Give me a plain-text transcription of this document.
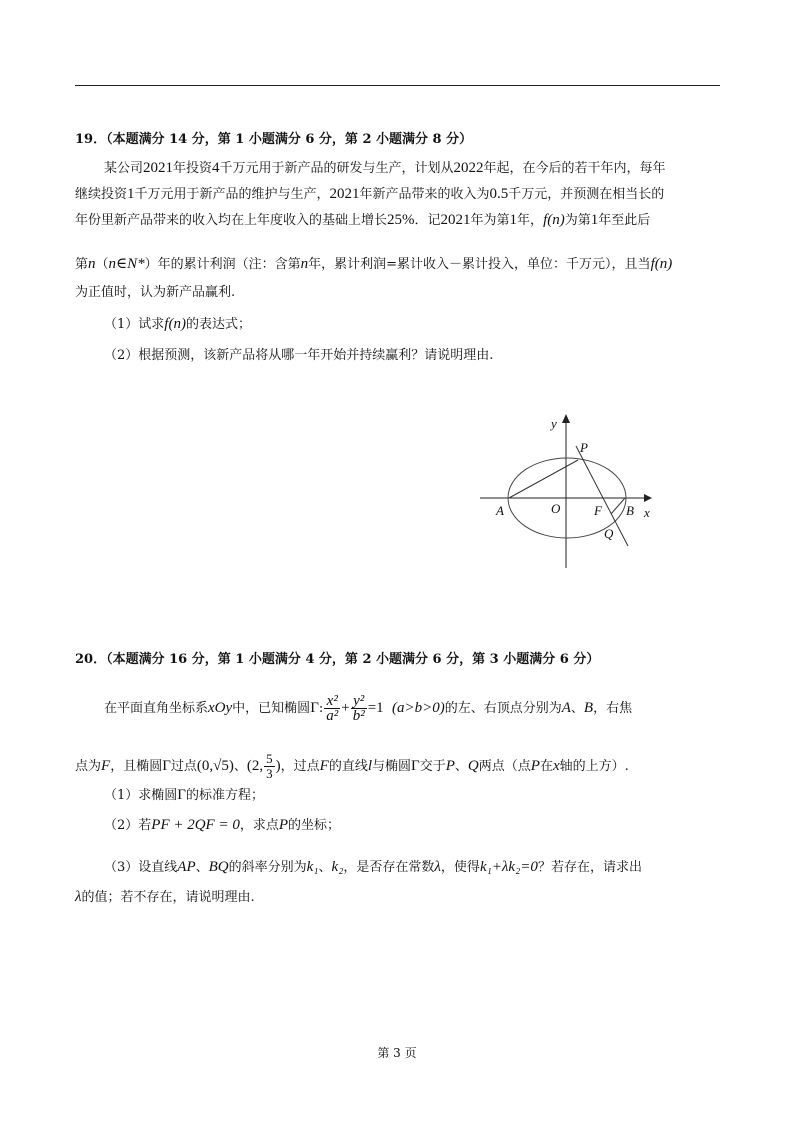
19．（本题满分 14 分，第 1 小题满分 6 分，第 2 小题满分 8 分）
某公司2021年投资4千万元用于新产品的研发与生产，计划从2022年起，在今后的若干年内，每年
继续投资1千万元用于新产品的维护与生产，2021年新产品带来的收入为0.5千万元，并预测在相当长的
年份里新产品带来的收入均在上年度收入的基础上增长25%．记2021年为第1年，f(n)为第1年至此后
第n（n∈N*）年的累计利润（注：含第n年，累计利润=累计收入－累计投入，单位：千万元），且当f(n)
为正值时，认为新产品赢利.
（1）试求f(n)的表达式；
（2）根据预测，该新产品将从哪一年开始并持续赢利？请说明理由.
y
x
P
A	O	F B
Q
20．（本题满分 16 分，第 1 小题满分 4 分，第 2 小题满分 6 分，第 3 小题满分 6 分）
在平面直角坐标系xOy中，已知椭圆Γ: $\frac{\text{x²}}{\text{a²}} + \frac{\text{y²}}{\text{b²}} =1$ (a>b>0)的左、右顶点分别为A、B，右焦
点为F，且椭圆Γ过点(0,√5)、(2, $\frac{5}{3}$ )，过点F的直线l与椭圆Γ交于P、Q两点（点P在x轴的上方）.
（1）求椭圆Γ的标准方程；
（2）若PF + 2QF = 0，求点P的坐标；
（3）设直线AP、BQ的斜率分别为k₁、k₂，是否存在常数λ，使得k₁+λk₂=0？若存在，请求出
λ的值；若不存在，请说明理由.
第 3 页
